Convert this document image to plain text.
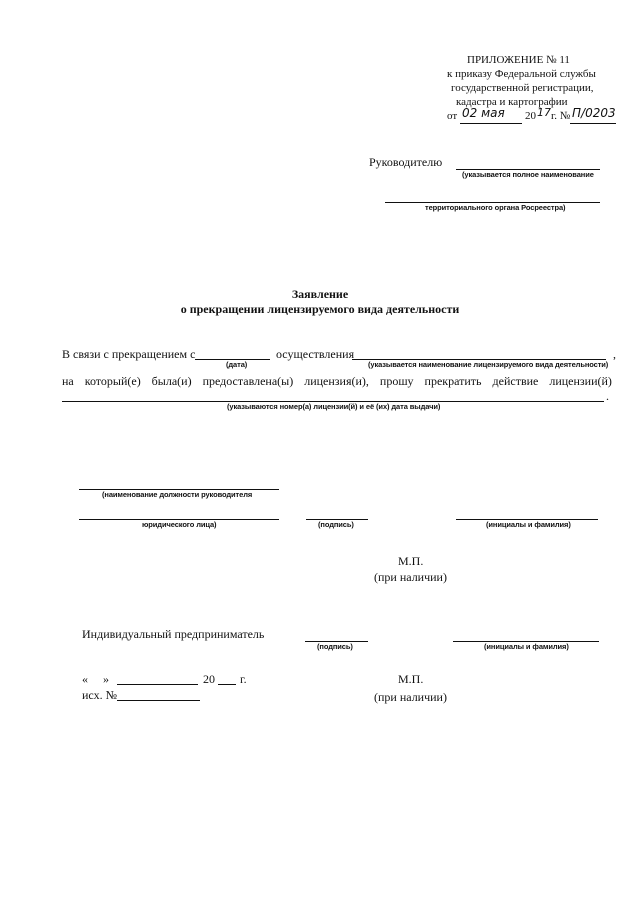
ПРИЛОЖЕНИЕ № 11
к приказу Федеральной службы
государственной регистрации,
кадастра и картографии
от 02 мая 20 17 г. № П/0203
Руководителю
(указывается полное наименование
территориального органа Росреестра)
Заявление
о прекращении лицензируемого вида деятельности
В связи с прекращением с
(дата)
осуществления
(указывается наименование лицензируемого вида деятельности)
,
на который(е) была(и) предоставлена(ы) лицензия(и), прошу прекратить действие лицензии(й)
.
(указываются номер(а) лицензии(й) и её (их) дата выдачи)
(наименование должности руководителя
юридического лица)	(подпись)	(инициалы и фамилия)
М.П.
(при наличии)
Индивидуальный предприниматель
(подпись)	(инициалы и фамилия)
« »	20 г.
исх. №
М.П.
(при наличии)
